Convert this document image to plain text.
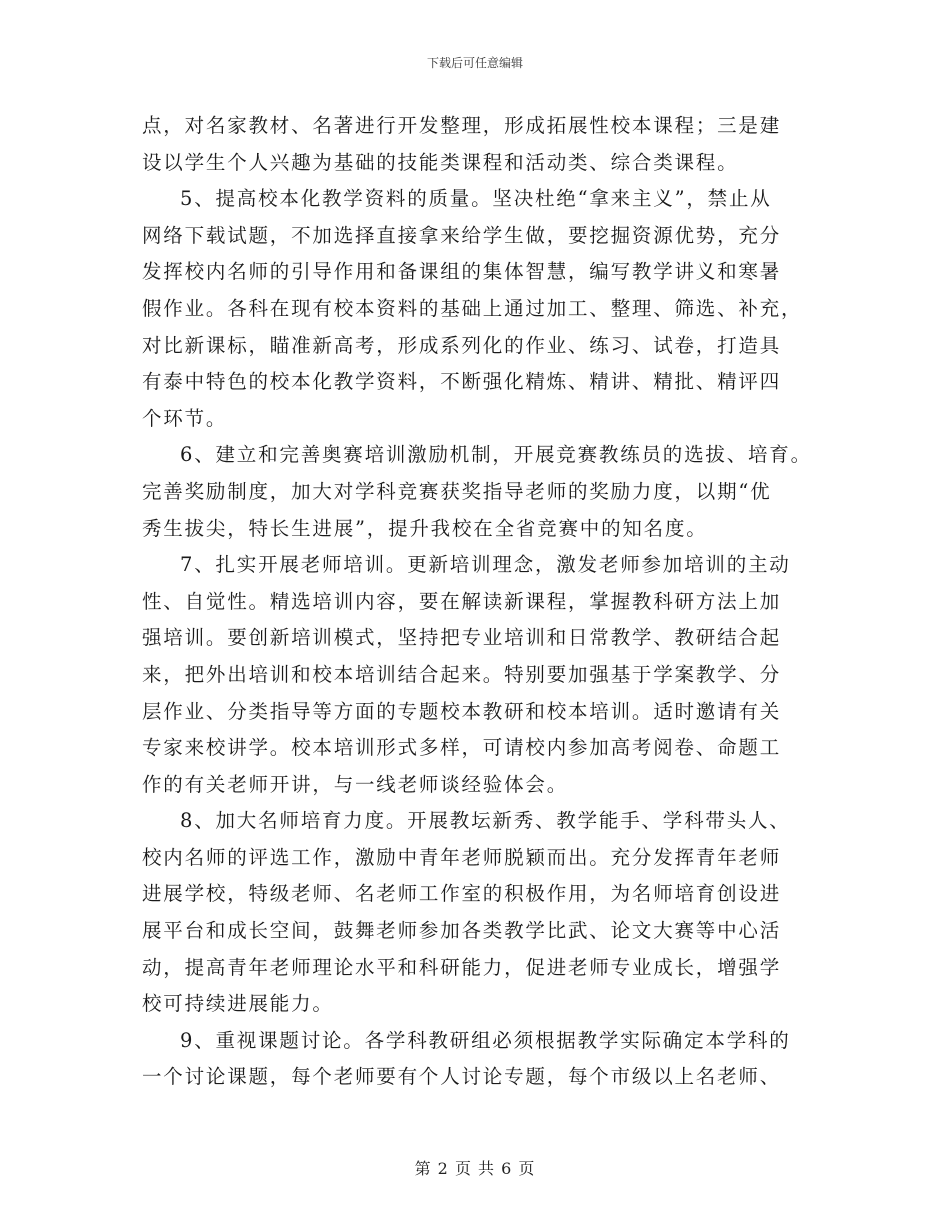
下载后可任意编辑
点，对名家教材、名著进行开发整理，形成拓展性校本课程；三是建
设以学生个人兴趣为基础的技能类课程和活动类、综合类课程。
5、提高校本化教学资料的质量。坚决杜绝“拿来主义”，禁止从
网络下载试题，不加选择直接拿来给学生做，要挖掘资源优势，充分
发挥校内名师的引导作用和备课组的集体智慧，编写教学讲义和寒暑
假作业。各科在现有校本资料的基础上通过加工、整理、筛选、补充，
对比新课标，瞄准新高考，形成系列化的作业、练习、试卷，打造具
有泰中特色的校本化教学资料，不断强化精炼、精讲、精批、精评四
个环节。
6、建立和完善奥赛培训激励机制，开展竞赛教练员的选拔、培育。
完善奖励制度，加大对学科竞赛获奖指导老师的奖励力度，以期“优
秀生拔尖，特长生进展”，提升我校在全省竞赛中的知名度。
7、扎实开展老师培训。更新培训理念，激发老师参加培训的主动
性、自觉性。精选培训内容，要在解读新课程，掌握教科研方法上加
强培训。要创新培训模式，坚持把专业培训和日常教学、教研结合起
来，把外出培训和校本培训结合起来。特别要加强基于学案教学、分
层作业、分类指导等方面的专题校本教研和校本培训。适时邀请有关
专家来校讲学。校本培训形式多样，可请校内参加高考阅卷、命题工
作的有关老师开讲，与一线老师谈经验体会。
8、加大名师培育力度。开展教坛新秀、教学能手、学科带头人、
校内名师的评选工作，激励中青年老师脱颖而出。充分发挥青年老师
进展学校，特级老师、名老师工作室的积极作用，为名师培育创设进
展平台和成长空间，鼓舞老师参加各类教学比武、论文大赛等中心活
动，提高青年老师理论水平和科研能力，促进老师专业成长，增强学
校可持续进展能力。
9、重视课题讨论。各学科教研组必须根据教学实际确定本学科的
一个讨论课题，每个老师要有个人讨论专题，每个市级以上名老师、
第 2 页 共 6 页
